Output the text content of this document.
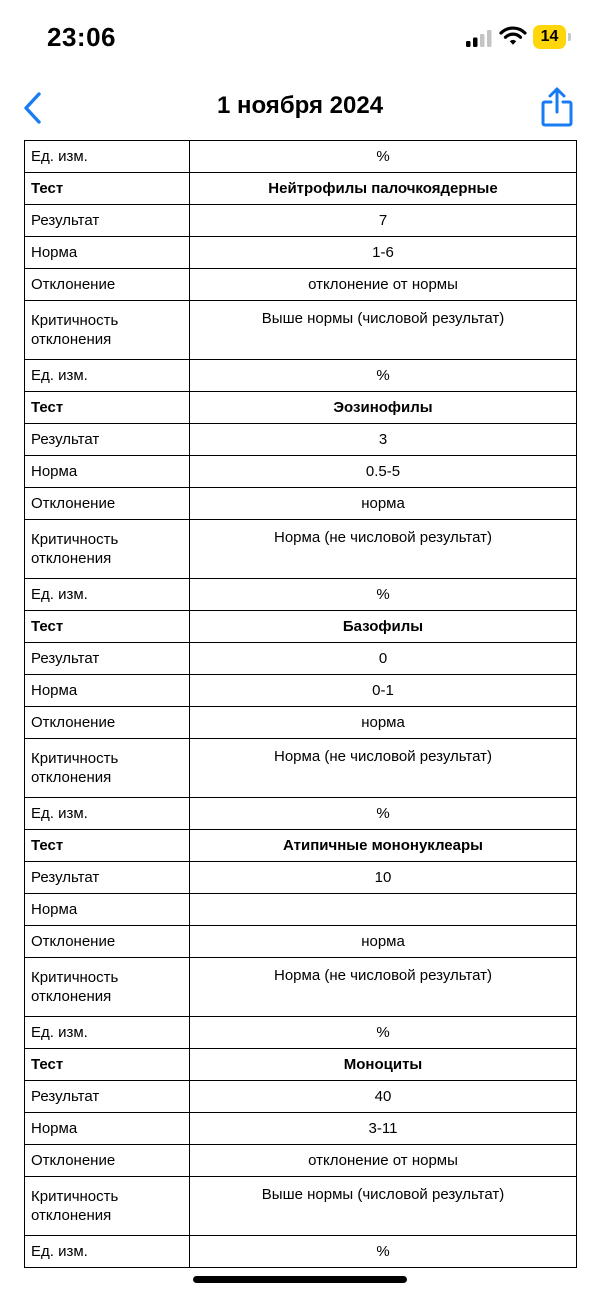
23:06	14
1 ноября 2024
Ед. изм.	%
Тест	Нейтрофилы палочкоядерные
Результат	7
Норма	1-6
Отклонение	отклонение от нормы
Критичность отклонения	Выше нормы (числовой результат)
Ед. изм.	%
Тест	Эозинофилы
Результат	3
Норма	0.5-5
Отклонение	норма
Критичность отклонения	Норма (не числовой результат)
Ед. изм.	%
Тест	Базофилы
Результат	0
Норма	0-1
Отклонение	норма
Критичность отклонения	Норма (не числовой результат)
Ед. изм.	%
Тест	Атипичные мононуклеары
Результат	10
Норма	
Отклонение	норма
Критичность отклонения	Норма (не числовой результат)
Ед. изм.	%
Тест	Моноциты
Результат	40
Норма	3-11
Отклонение	отклонение от нормы
Критичность отклонения	Выше нормы (числовой результат)
Ед. изм.	%
